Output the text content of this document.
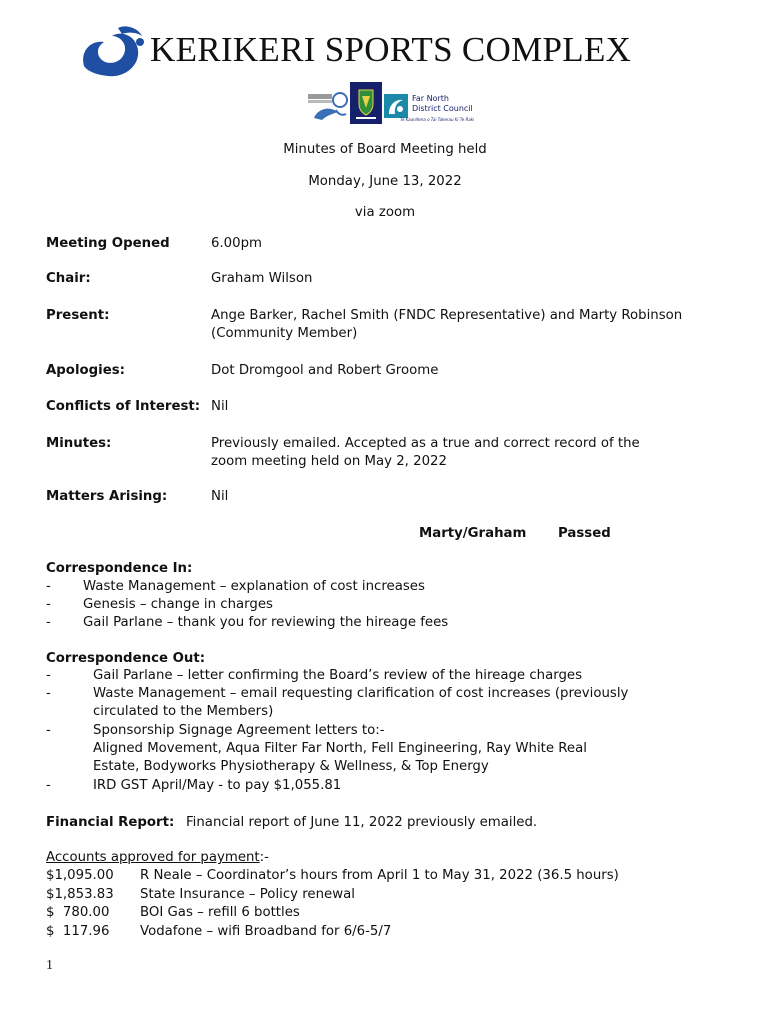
KERIKERI SPORTS COMPLEX
Far North
District Council
Te Kaunihera o Tai Tokerau Ki Te Raki
Minutes of Board Meeting held
Monday, June 13, 2022
via zoom
Meeting Opened	6.00pm
Chair:	Graham Wilson
Present:	Ange Barker, Rachel Smith (FNDC Representative) and Marty Robinson
(Community Member)
Apologies:	Dot Dromgool and Robert Groome
Conflicts of Interest: Nil
Minutes:	Previously emailed. Accepted as a true and correct record of the
zoom meeting held on May 2, 2022
Matters Arising:	Nil
Marty/Graham Passed
Correspondence In:
- Waste Management – explanation of cost increases
- Genesis – change in charges
- Gail Parlane – thank you for reviewing the hireage fees
Correspondence Out:
-	Gail Parlane – letter confirming the Board’s review of the hireage charges
-	Waste Management – email requesting clarification of cost increases (previously
circulated to the Members)
-	Sponsorship Signage Agreement letters to:-
Aligned Movement, Aqua Filter Far North, Fell Engineering, Ray White Real
Estate, Bodyworks Physiotherapy & Wellness, & Top Energy
-	IRD GST April/May - to pay $1,055.81
Financial Report: Financial report of June 11, 2022 previously emailed.
Accounts approved for payment:-
$1,095.00 R Neale – Coordinator’s hours from April 1 to May 31, 2022 (36.5 hours)
$1,853.83 State Insurance – Policy renewal
$  780.00 BOI Gas – refill 6 bottles
$  117.96 Vodafone – wifi Broadband for 6/6-5/7
1
